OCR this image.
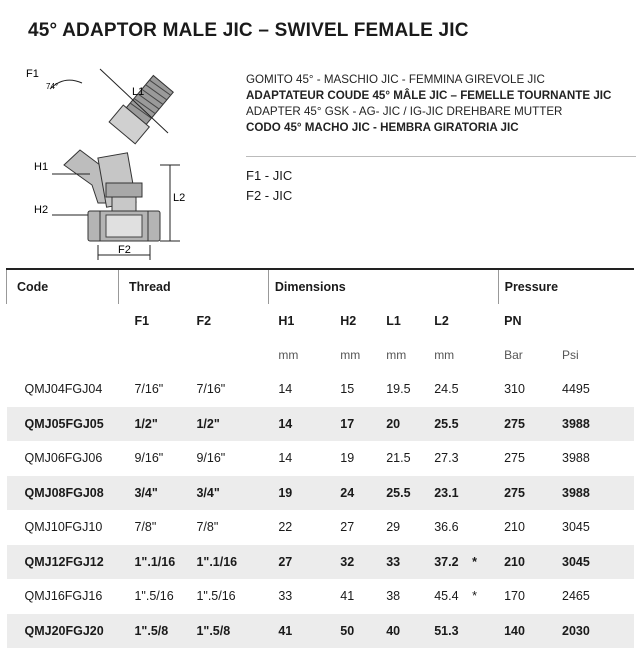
45° ADAPTOR MALE JIC – SWIVEL FEMALE JIC
F1
74°	L1
H1
L2
H2
F2
GOMITO 45° - MASCHIO JIC - FEMMINA GIREVOLE JIC
ADAPTATEUR COUDE 45° MÂLE JIC – FEMELLE TOURNANTE JIC
ADAPTER 45° GSK - AG- JIC / IG-JIC DREHBARE MUTTER
CODO 45° MACHO JIC - HEMBRA GIRATORIA JIC
F1 - JIC
F2 - JIC
Code	Thread		Dimensions					Pressure	
	F1	F2	H1	H2	L1	L2		PN	
			mm	mm	mm	mm		Bar	Psi
QMJ04FGJ04	7/16"	7/16"	14	15	19.5	24.5		310	4495
QMJ05FGJ05	1/2"	1/2"	14	17	20	25.5		275	3988
QMJ06FGJ06	9/16"	9/16"	14	19	21.5	27.3		275	3988
QMJ08FGJ08	3/4"	3/4"	19	24	25.5	23.1		275	3988
QMJ10FGJ10	7/8"	7/8"	22	27	29	36.6		210	3045
QMJ12FGJ12	1".1/16	1".1/16	27	32	33	37.2	*	210	3045
QMJ16FGJ16	1".5/16	1".5/16	33	41	38	45.4	*	170	2465
QMJ20FGJ20	1".5/8	1".5/8	41	50	40	51.3		140	2030
